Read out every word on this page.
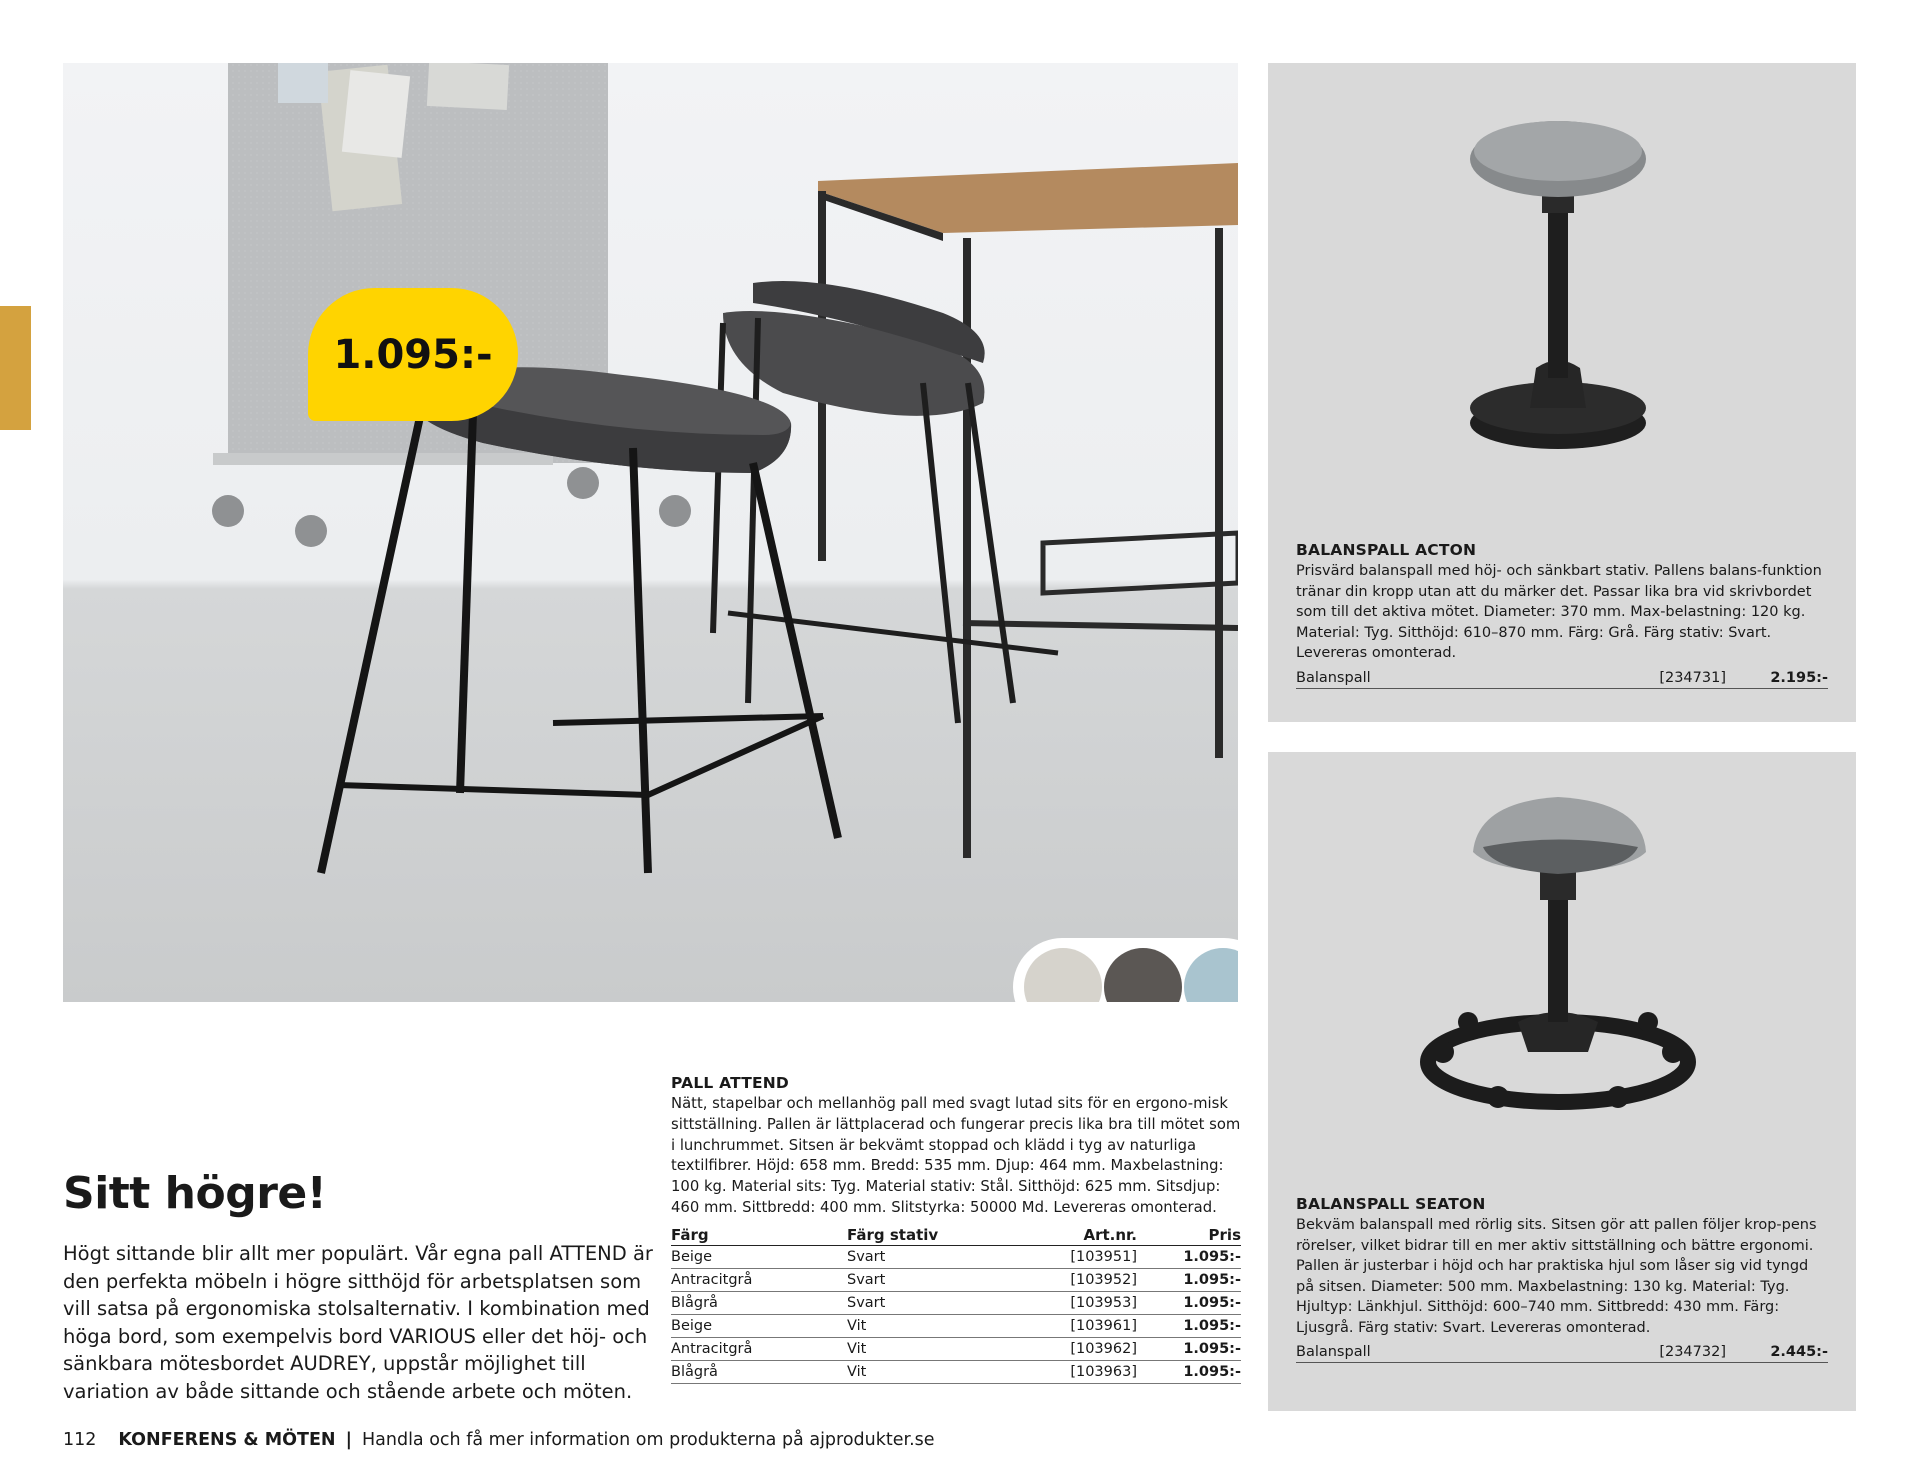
1.095:-
BALANSPALL ACTON
Prisvärd balanspall med höj- och sänkbart stativ. Pallens balans-funktion tränar din kropp utan att du märker det. Passar lika bra vid skrivbordet som till det aktiva mötet. Diameter: 370 mm. Max-belastning: 120 kg. Material: Tyg. Sitthöjd: 610–870 mm. Färg: Grå. Färg stativ: Svart. Levereras omonterad.
Balanspall	[234731]	2.195:-
BALANSPALL SEATON
Bekväm balanspall med rörlig sits. Sitsen gör att pallen följer krop-pens rörelser, vilket bidrar till en mer aktiv sittställning och bättre ergonomi. Pallen är justerbar i höjd och har praktiska hjul som låser sig vid tyngd på sitsen. Diameter: 500 mm. Maxbelastning: 130 kg. Material: Tyg. Hjultyp: Länkhjul. Sitthöjd: 600–740 mm. Sittbredd: 430 mm. Färg: Ljusgrå. Färg stativ: Svart. Levereras omonterad.
Balanspall	[234732]	2.445:-
Sitt högre!
Högt sittande blir allt mer populärt. Vår egna pall ATTEND är den perfekta möbeln i högre sitthöjd för arbetsplatsen som vill satsa på ergonomiska stolsalternativ. I kombination med höga bord, som exempelvis bord VARIOUS eller det höj- och sänkbara mötesbordet AUDREY, uppstår möjlighet till variation av både sittande och stående arbete och möten.
PALL ATTEND
Nätt, stapelbar och mellanhög pall med svagt lutad sits för en ergono-misk sittställning. Pallen är lättplacerad och fungerar precis lika bra till mötet som i lunchrummet. Sitsen är bekvämt stoppad och klädd i tyg av naturliga textilfibrer. Höjd: 658 mm. Bredd: 535 mm. Djup: 464 mm. Maxbelastning: 100 kg. Material sits: Tyg. Material stativ: Stål. Sitthöjd: 625 mm. Sitsdjup: 460 mm. Sittbredd: 400 mm. Slitstyrka: 50000 Md. Levereras omonterad.
Färg	Färg stativ	Art.nr.	Pris
Beige	Svart	[103951]	1.095:-
Antracitgrå	Svart	[103952]	1.095:-
Blågrå	Svart	[103953]	1.095:-
Beige	Vit	[103961]	1.095:-
Antracitgrå	Vit	[103962]	1.095:-
Blågrå	Vit	[103963]	1.095:-
112 KONFERENS & MÖTEN | Handla och få mer information om produkterna på ajprodukter.se
